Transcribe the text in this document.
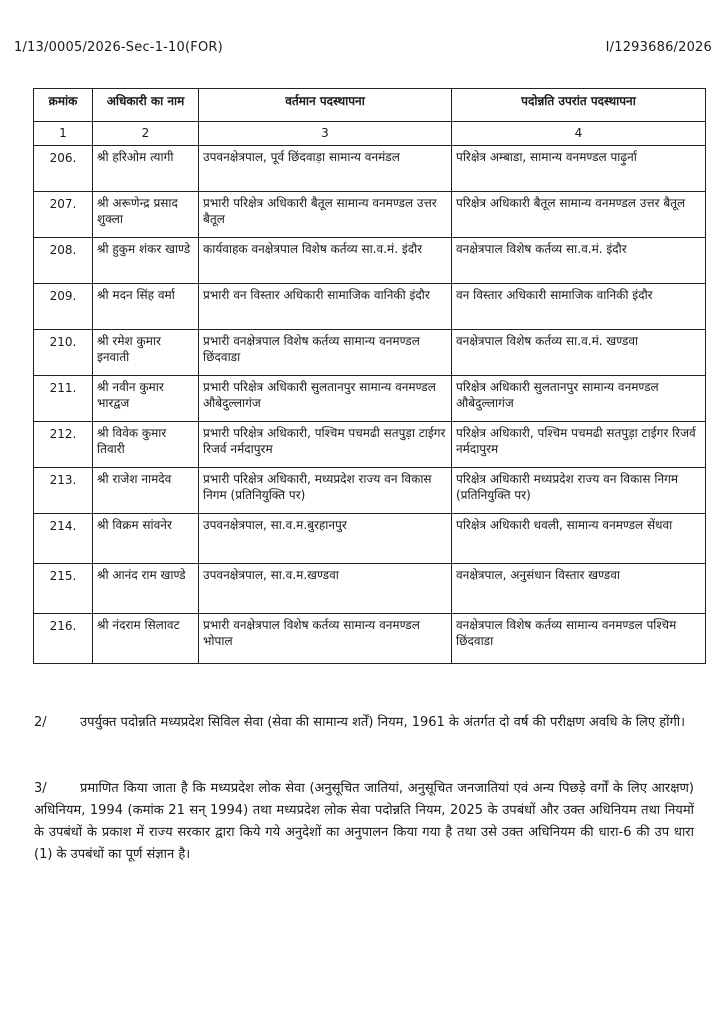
1/13/0005/2026-Sec-1-10(FOR)	I/1293686/2026
क्रमांक	अधिकारी का नाम	वर्तमान पदस्थापना	पदोन्नति उपरांत पदस्थापना
1	2	3	4
206.	श्री हरिओम त्यागी	उपवनक्षेत्रपाल, पूर्व छिंदवाड़ा सामान्य वनमंडल	परिक्षेत्र अम्बाडा, सामान्य वनमण्डल पाढ़ुर्ना
207.	श्री अरूणेन्द्र प्रसाद शुक्ला	प्रभारी परिक्षेत्र अधिकारी बैतूल सामान्य वनमण्डल उत्तर बैतूल	परिक्षेत्र अधिकारी बैतूल सामान्य वनमण्डल उत्तर बैतूल
208.	श्री हुकुम शंकर खाण्डे	कार्यवाहक वनक्षेत्रपाल विशेष कर्तव्य सा.व.मं. इंदौर	वनक्षेत्रपाल विशेष कर्तव्य सा.व.मं. इंदौर
209.	श्री मदन सिंह वर्मा	प्रभारी वन विस्तार अधिकारी सामाजिक वानिकी इंदौर	वन विस्तार अधिकारी सामाजिक वानिकी इंदौर
210.	श्री रमेश कुमार इनवाती	प्रभारी वनक्षेत्रपाल विशेष कर्तव्य सामान्य वनमण्डल छिंदवाडा	वनक्षेत्रपाल विशेष कर्तव्य सा.व.मं. खण्डवा
211.	श्री नवीन कुमार भारद्वज	प्रभारी परिक्षेत्र अधिकारी सुलतानपुर सामान्य वनमण्डल औबेदुल्लागंज	परिक्षेत्र अधिकारी सुलतानपुर सामान्य वनमण्डल औबेदुल्लागंज
212.	श्री विवेक कुमार तिवारी	प्रभारी परिक्षेत्र अधिकारी, पश्चिम पचमढी सतपुड़ा टाईगर रिजर्व नर्मदापुरम	परिक्षेत्र अधिकारी, पश्चिम पचमढी सतपुड़ा टाईगर रिजर्व नर्मदापुरम
213.	श्री राजेश नामदेव	प्रभारी परिक्षेत्र अधिकारी, मध्यप्रदेश राज्य वन विकास निगम (प्रतिनियुक्ति पर)	परिक्षेत्र अधिकारी मध्यप्रदेश राज्य वन विकास निगम (प्रतिनियुक्ति पर)
214.	श्री विक्रम सांवनेर	उपवनक्षेत्रपाल, सा.व.म.बुरहानपुर	परिक्षेत्र अधिकारी धवली, सामान्य वनमण्डल सेंधवा
215.	श्री आनंद राम खाण्डे	उपवनक्षेत्रपाल, सा.व.म.खण्डवा	वनक्षेत्रपाल, अनुसंधान विस्तार खण्डवा
216.	श्री नंदराम सिलावट	प्रभारी वनक्षेत्रपाल विशेष कर्तव्य सामान्य वनमण्डल भोपाल	वनक्षेत्रपाल विशेष कर्तव्य सामान्य वनमण्डल पश्चिम छिंदवाडा
2/	उपर्युक्त पदोन्नति मध्यप्रदेश सिविल सेवा (सेवा की सामान्य शर्तें) नियम, 1961 के अंतर्गत दो वर्ष की परीक्षण अवधि के लिए होंगी।
3/	प्रमाणित किया जाता है कि मध्यप्रदेश लोक सेवा (अनुसूचित जातियां, अनुसूचित जनजातियां एवं अन्य पिछड़े वर्गों के लिए आरक्षण) अधिनियम, 1994 (कमांक 21 सन् 1994) तथा मध्यप्रदेश लोक सेवा पदोन्नति नियम, 2025 के उपबंधों और उक्त अधिनियम तथा नियमों के उपबंधों के प्रकाश में राज्य सरकार द्वारा किये गये अनुदेशों का अनुपालन किया गया है तथा उसे उक्त अधिनियम की धारा-6 की उप धारा (1) के उपबंधों का पूर्ण संज्ञान है।
